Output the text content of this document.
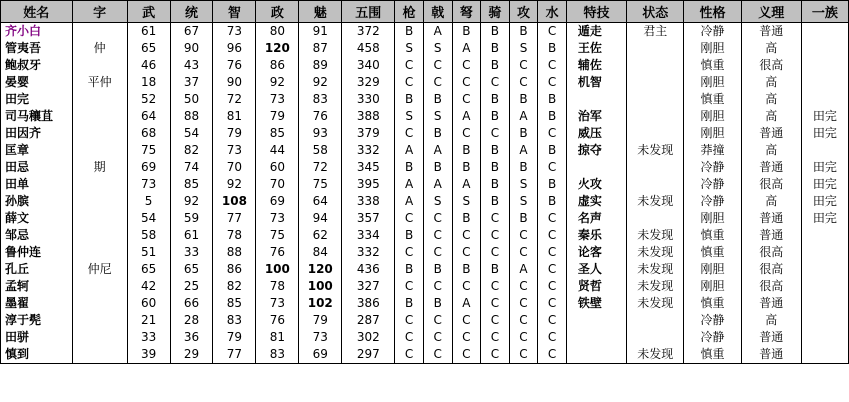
姓名	字	武	统	智	政	魅	五围	枪	戟	弩	骑	攻	水	特技	状态	性格	义理	一族
齐小白		61	67	73	80	91	372	B	A	B	B	B	C	遁走	君主	冷静	普通	
管夷吾	仲	65	90	96	120	87	458	S	S	A	B	S	B	王佐		刚胆	高	
鲍叔牙		46	43	76	86	89	340	C	C	C	B	C	C	辅佐		慎重	很高	
晏婴	平仲	18	37	90	92	92	329	C	C	C	C	C	C	机智		刚胆	高	
田完		52	50	72	73	83	330	B	B	C	B	B	B			慎重	高	
司马穰苴		64	88	81	79	76	388	S	S	A	B	A	B	治军		刚胆	高	田完
田因齐		68	54	79	85	93	379	C	B	C	C	B	C	威压		刚胆	普通	田完
匡章		75	82	73	44	58	332	A	A	B	B	A	B	掠夺	未发现	莽撞	高	
田忌	期	69	74	70	60	72	345	B	B	B	B	B	C			冷静	普通	田完
田单		73	85	92	70	75	395	A	A	A	B	S	B	火攻		冷静	很高	田完
孙膑		5	92	108	69	64	338	A	S	S	B	S	B	虚实	未发现	冷静	高	田完
薛文		54	59	77	73	94	357	C	C	B	C	B	C	名声		刚胆	普通	田完
邹忌		58	61	78	75	62	334	B	C	C	C	C	C	秦乐	未发现	慎重	普通	
鲁仲连		51	33	88	76	84	332	C	C	C	C	C	C	论客	未发现	慎重	很高	
孔丘	仲尼	65	65	86	100	120	436	B	B	B	B	A	C	圣人	未发现	刚胆	很高	
孟轲		42	25	82	78	100	327	C	C	C	C	C	C	贤哲	未发现	刚胆	很高	
墨翟		60	66	85	73	102	386	B	B	A	C	C	C	铁壁	未发现	慎重	普通	
淳于髡		21	28	83	76	79	287	C	C	C	C	C	C			冷静	高	
田骈		33	36	79	81	73	302	C	C	C	C	C	C			冷静	普通	
慎到		39	29	77	83	69	297	C	C	C	C	C	C		未发现	慎重	普通	
